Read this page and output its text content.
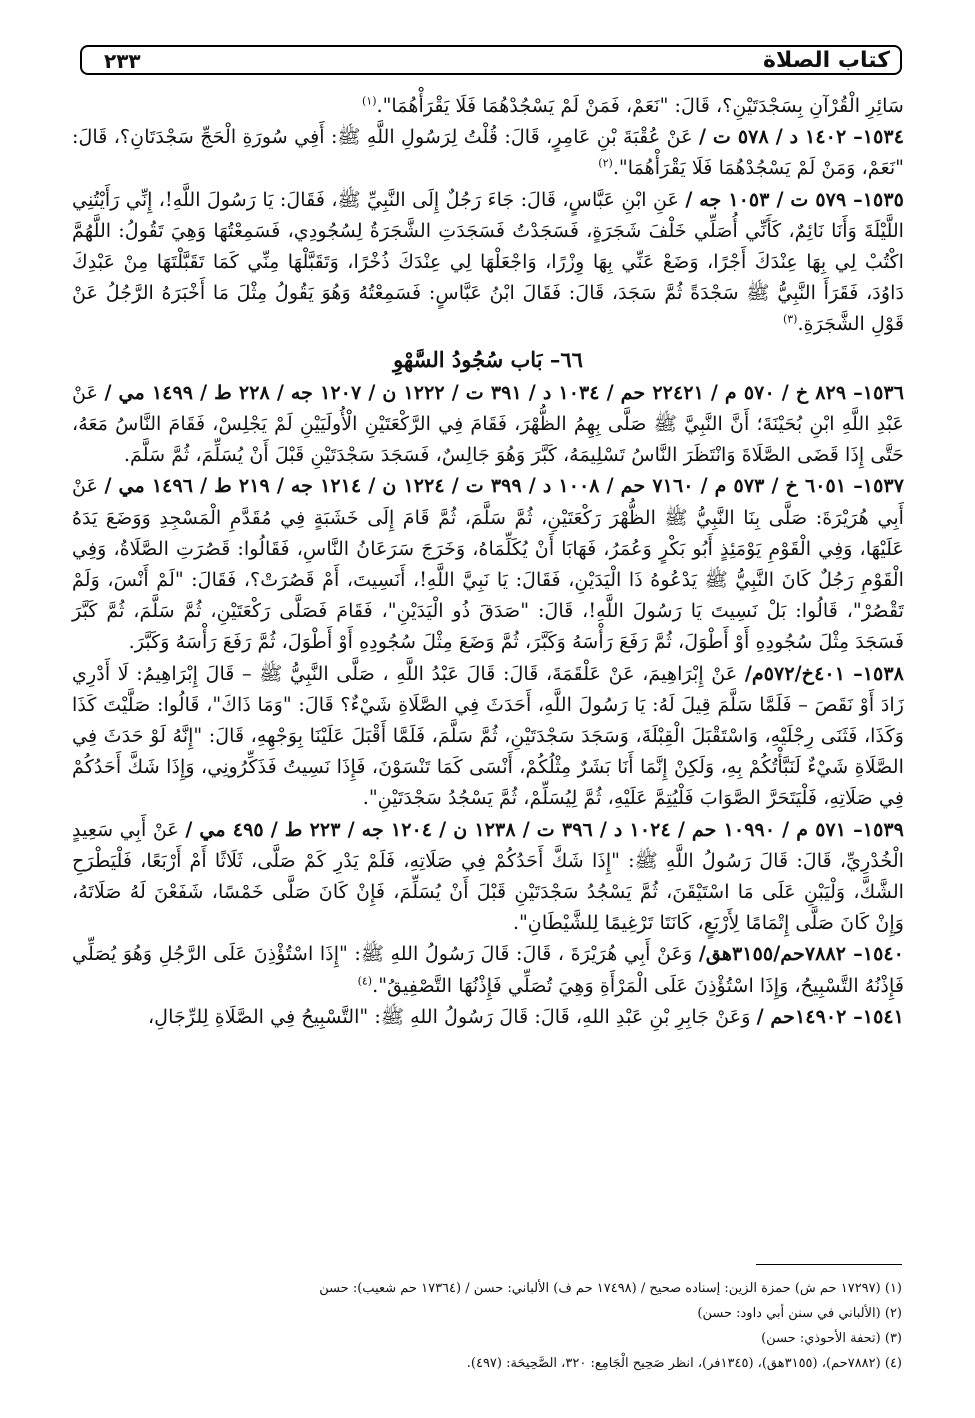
كتاب الصلاة
٢٣٣

سَائِرِ الْقُرْآنِ بِسَجْدَتَيْنِ؟، قَالَ: "نَعَمْ، فَمَنْ لَمْ يَسْجُدْهُمَا فَلَا يَقْرَأْهُمَا".$^{(١)}$

١٥٣٤– ١٤٠٢ د / ٥٧٨ ت / عَنْ عُقْبَةَ بْنِ عَامِرٍ، قَالَ: قُلْتُ لِرَسُولِ اللَّهِ ﷺ: أَفِي سُورَةِ الْحَجِّ سَجْدَتَانِ؟، قَالَ: "نَعَمْ، وَمَنْ لَمْ يَسْجُدْهُمَا فَلَا يَقْرَأْهُمَا".$^{(٢)}$

١٥٣٥– ٥٧٩ ت / ١٠٥٣ جه / عَنِ ابْنِ عَبَّاسٍ، قَالَ: جَاءَ رَجُلٌ إِلَى النَّبِيِّ ﷺ، فَقَالَ: يَا رَسُولَ اللَّهِ!، إِنِّي رَأَيْتُنِي اللَّيْلَةَ وَأَنَا نَائِمٌ، كَأَنِّي أُصَلِّي خَلْفَ شَجَرَةٍ، فَسَجَدْتُ فَسَجَدَتِ الشَّجَرَةُ لِسُجُودِي، فَسَمِعْتُهَا وَهِيَ تَقُولُ: اللَّهُمَّ اكْتُبْ لِي بِهَا عِنْدَكَ أَجْرًا، وَضَعْ عَنِّي بِهَا وِزْرًا، وَاجْعَلْهَا لِي عِنْدَكَ ذُخْرًا، وَتَقَبَّلْهَا مِنِّي كَمَا تَقَبَّلْتَهَا مِنْ عَبْدِكَ دَاوُدَ، فَقَرَأَ النَّبِيُّ ﷺ سَجْدَةً ثُمَّ سَجَدَ، قَالَ: فَقَالَ ابْنُ عَبَّاسٍ: فَسَمِعْتُهُ وَهُوَ يَقُولُ مِثْلَ مَا أَخْبَرَهُ الرَّجُلُ عَنْ قَوْلِ الشَّجَرَةِ.$^{(٣)}$

٦٦– بَاب سُجُودُ السَّهْوِ

١٥٣٦– ٨٢٩ خ / ٥٧٠ م / ٢٢٤٢١ حم / ١٠٣٤ د / ٣٩١ ت / ١٢٢٢ ن / ١٢٠٧ جه / ٢٢٨ ط / ١٤٩٩ مي / عَنْ عَبْدِ اللَّهِ ابْنِ بُحَيْنَةَ؛ أَنَّ النَّبِيَّ ﷺ صَلَّى بِهِمُ الظُّهْرَ، فَقَامَ فِي الرَّكْعَتَيْنِ الْأُولَيَيْنِ لَمْ يَجْلِسْ، فَقَامَ النَّاسُ مَعَهُ، حَتَّى إِذَا قَضَى الصَّلَاةَ وَانْتَظَرَ النَّاسُ تَسْلِيمَهُ، كَبَّرَ وَهُوَ جَالِسٌ، فَسَجَدَ سَجْدَتَيْنِ قَبْلَ أَنْ يُسَلِّمَ، ثُمَّ سَلَّمَ.

١٥٣٧– ٦٠٥١ خ / ٥٧٣ م / ٧١٦٠ حم / ١٠٠٨ د / ٣٩٩ ت / ١٢٢٤ ن / ١٢١٤ جه / ٢١٩ ط / ١٤٩٦ مي / عَنْ أَبِي هُرَيْرَةَ: صَلَّى بِنَا النَّبِيُّ ﷺ الظُّهْرَ رَكْعَتَيْنِ، ثُمَّ سَلَّمَ، ثُمَّ قَامَ إِلَى خَشَبَةٍ فِي مُقَدَّمِ الْمَسْجِدِ وَوَضَعَ يَدَهُ عَلَيْهَا، وَفِي الْقَوْمِ يَوْمَئِذٍ أَبُو بَكْرٍ وَعُمَرُ، فَهَابَا أَنْ يُكَلِّمَاهُ، وَخَرَجَ سَرَعَانُ النَّاسِ، فَقَالُوا: قَصُرَتِ الصَّلَاةُ، وَفِي الْقَوْمِ رَجُلٌ كَانَ النَّبِيُّ ﷺ يَدْعُوهُ ذَا الْيَدَيْنِ، فَقَالَ: يَا نَبِيَّ اللَّهِ!، أَنَسِيتَ، أَمْ قَصُرَتْ؟، فَقَالَ: "لَمْ أَنْسَ، وَلَمْ تَقْصُرْ"، قَالُوا: بَلْ نَسِيتَ يَا رَسُولَ اللَّهِ!، قَالَ: "صَدَقَ ذُو الْيَدَيْنِ"، فَقَامَ فَصَلَّى رَكْعَتَيْنِ، ثُمَّ سَلَّمَ، ثُمَّ كَبَّرَ فَسَجَدَ مِثْلَ سُجُودِهِ أَوْ أَطْوَلَ، ثُمَّ رَفَعَ رَأْسَهُ وَكَبَّرَ، ثُمَّ وَضَعَ مِثْلَ سُجُودِهِ أَوْ أَطْوَلَ، ثُمَّ رَفَعَ رَأْسَهُ وَكَبَّرَ.

١٥٣٨– ٤٠١خ/٥٧٢م/ عَنْ إِبْرَاهِيمَ، عَنْ عَلْقَمَةَ، قَالَ: قَالَ عَبْدُ اللَّهِ ، صَلَّى النَّبِيُّ ﷺ – قَالَ إِبْرَاهِيمُ: لَا أَدْرِي زَادَ أَوْ نَقَصَ – فَلَمَّا سَلَّمَ قِيلَ لَهُ: يَا رَسُولَ اللَّهِ، أَحَدَثَ فِي الصَّلَاةِ شَيْءٌ؟ قَالَ: "وَمَا ذَاكَ"، قَالُوا: صَلَّيْتَ كَذَا وَكَذَا، فَثَنَى رِجْلَيْهِ، وَاسْتَقْبَلَ الْقِبْلَةَ، وَسَجَدَ سَجْدَتَيْنِ، ثُمَّ سَلَّمَ، فَلَمَّا أَقْبَلَ عَلَيْنَا بِوَجْهِهِ، قَالَ: "إِنَّهُ لَوْ حَدَثَ فِي الصَّلَاةِ شَيْءٌ لَنَبَّأْتُكُمْ بِهِ، وَلَكِنْ إِنَّمَا أَنَا بَشَرٌ مِثْلُكُمْ، أَنْسَى كَمَا تَنْسَوْنَ، فَإِذَا نَسِيتُ فَذَكِّرُونِي، وَإِذَا شَكَّ أَحَدُكُمْ فِي صَلَاتِهِ، فَلْيَتَحَرَّ الصَّوَابَ فَلْيُتِمَّ عَلَيْهِ، ثُمَّ لِيُسَلِّمْ، ثُمَّ يَسْجُدُ سَجْدَتَيْنِ".

١٥٣٩– ٥٧١ م / ١٠٩٩٠ حم / ١٠٢٤ د / ٣٩٦ ت / ١٢٣٨ ن / ١٢٠٤ جه / ٢٢٣ ط / ٤٩٥ مي / عَنْ أَبِي سَعِيدٍ الْخُدْرِيِّ، قَالَ: قَالَ رَسُولُ اللَّهِ ﷺ: "إِذَا شَكَّ أَحَدُكُمْ فِي صَلَاتِهِ، فَلَمْ يَدْرِ كَمْ صَلَّى، ثَلَاثًا أَمْ أَرْبَعًا، فَلْيَطْرَحِ الشَّكَّ، وَلْيَبْنِ عَلَى مَا اسْتَيْقَنَ، ثُمَّ يَسْجُدُ سَجْدَتَيْنِ قَبْلَ أَنْ يُسَلِّمَ، فَإِنْ كَانَ صَلَّى خَمْسًا، شَفَعْنَ لَهُ صَلَاتَهُ، وَإِنْ كَانَ صَلَّى إِتْمَامًا لِأَرْبَعٍ، كَانَتَا تَرْغِيمًا لِلشَّيْطَانِ".

١٥٤٠– ٧٨٨٢حم/٣١٥٥هق/ وَعَنْ أَبِي هُرَيْرَةَ ، قَالَ: قَالَ رَسُولُ اللهِ ﷺ: "إِذَا اسْتُؤْذِنَ عَلَى الرَّجُلِ وَهُوَ يُصَلِّي فَإِذْنُهُ التَّسْبِيحُ، وَإِذَا اسْتُؤْذِنَ عَلَى الْمَرْأَةِ وَهِيَ تُصَلِّي فَإِذْنُهَا التَّصْفِيقُ".$^{(٤)}$

١٥٤١– ١٤٩٠٢حم / وَعَنْ جَابِرِ بْنِ عَبْدِ اللهِ، قَالَ: قَالَ رَسُولُ اللهِ ﷺ: "التَّسْبِيحُ فِي الصَّلَاةِ لِلرِّجَالِ،

(١) (١٧٢٩٧ حم ش) حمزة الزين: إسناده صحيح / (١٧٤٩٨ حم ف) الألباني: حسن / (١٧٣٦٤ حم شعيب): حسن
(٢) (الألباني في سنن أبي داود: حسن)
(٣) (تحفة الأحوذي: حسن)
(٤) (٧٨٨٢حم)، (٣١٥٥هق)، (١٣٤٥فر)، انظر صَحِيح الْجَامِع: ٣٢٠، الصَّحِيحَة: (٤٩٧).
